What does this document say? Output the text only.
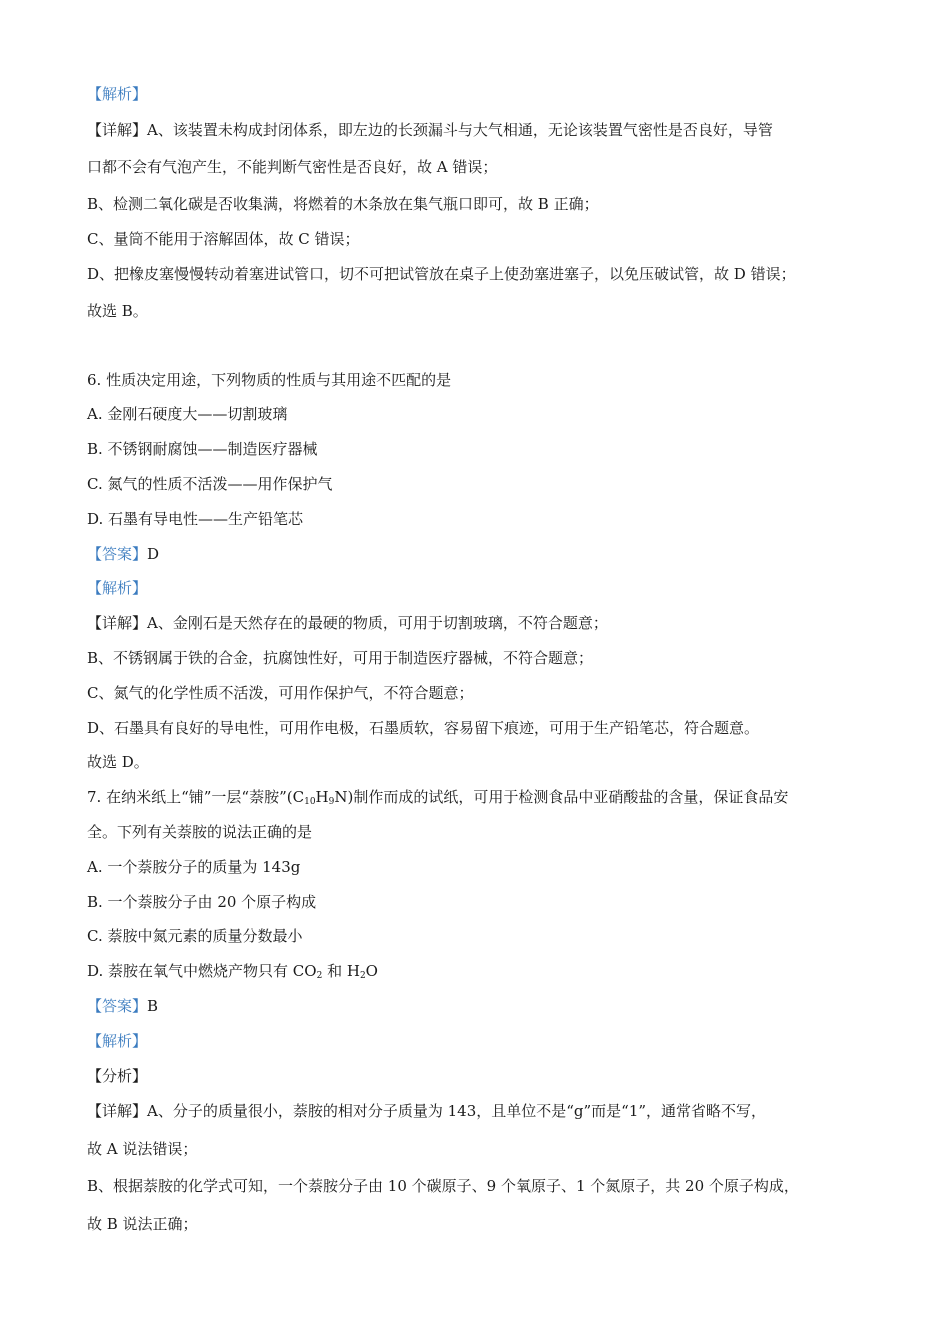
【解析】
【详解】A、该装置未构成封闭体系，即左边的长颈漏斗与大气相通，无论该装置气密性是否良好，导管
口都不会有气泡产生，不能判断气密性是否良好，故 A 错误；
B、检测二氧化碳是否收集满，将燃着的木条放在集气瓶口即可，故 B 正确；
C、量筒不能用于溶解固体，故 C 错误；
D、把橡皮塞慢慢转动着塞进试管口，切不可把试管放在桌子上使劲塞进塞子，以免压破试管，故 D 错误；
故选 B。
6. 性质决定用途，下列物质的性质与其用途不匹配的是
A. 金刚石硬度大——切割玻璃
B. 不锈钢耐腐蚀——制造医疗器械
C. 氮气的性质不活泼——用作保护气
D. 石墨有导电性——生产铅笔芯
【答案】D
【解析】
【详解】A、金刚石是天然存在的最硬的物质，可用于切割玻璃，不符合题意；
B、不锈钢属于铁的合金，抗腐蚀性好，可用于制造医疗器械，不符合题意；
C、氮气的化学性质不活泼，可用作保护气，不符合题意；
D、石墨具有良好的导电性，可用作电极，石墨质软，容易留下痕迹，可用于生产铅笔芯，符合题意。
故选 D。
7. 在纳米纸上“铺”一层“萘胺$”(C_{10}H_9N)$制作而成的试纸，可用于检测食品中亚硝酸盐的含量，保证食品安
全。下列有关萘胺的说法正确的是
A. 一个萘胺分子的质量为 143g
B. 一个萘胺分子由 20 个原子构成
C. 萘胺中氮元素的质量分数最小
D. 萘胺在氧气中燃烧产物只有 $CO_2$ 和 $H_2O$
【答案】B
【解析】
【分析】
【详解】A、分子的质量很小，萘胺的相对分子质量为 143，且单位不是“g”而是“1”，通常省略不写，
故 A 说法错误；
B、根据萘胺的化学式可知，一个萘胺分子由 10 个碳原子、9 个氧原子、1 个氮原子，共 20 个原子构成，
故 B 说法正确；
